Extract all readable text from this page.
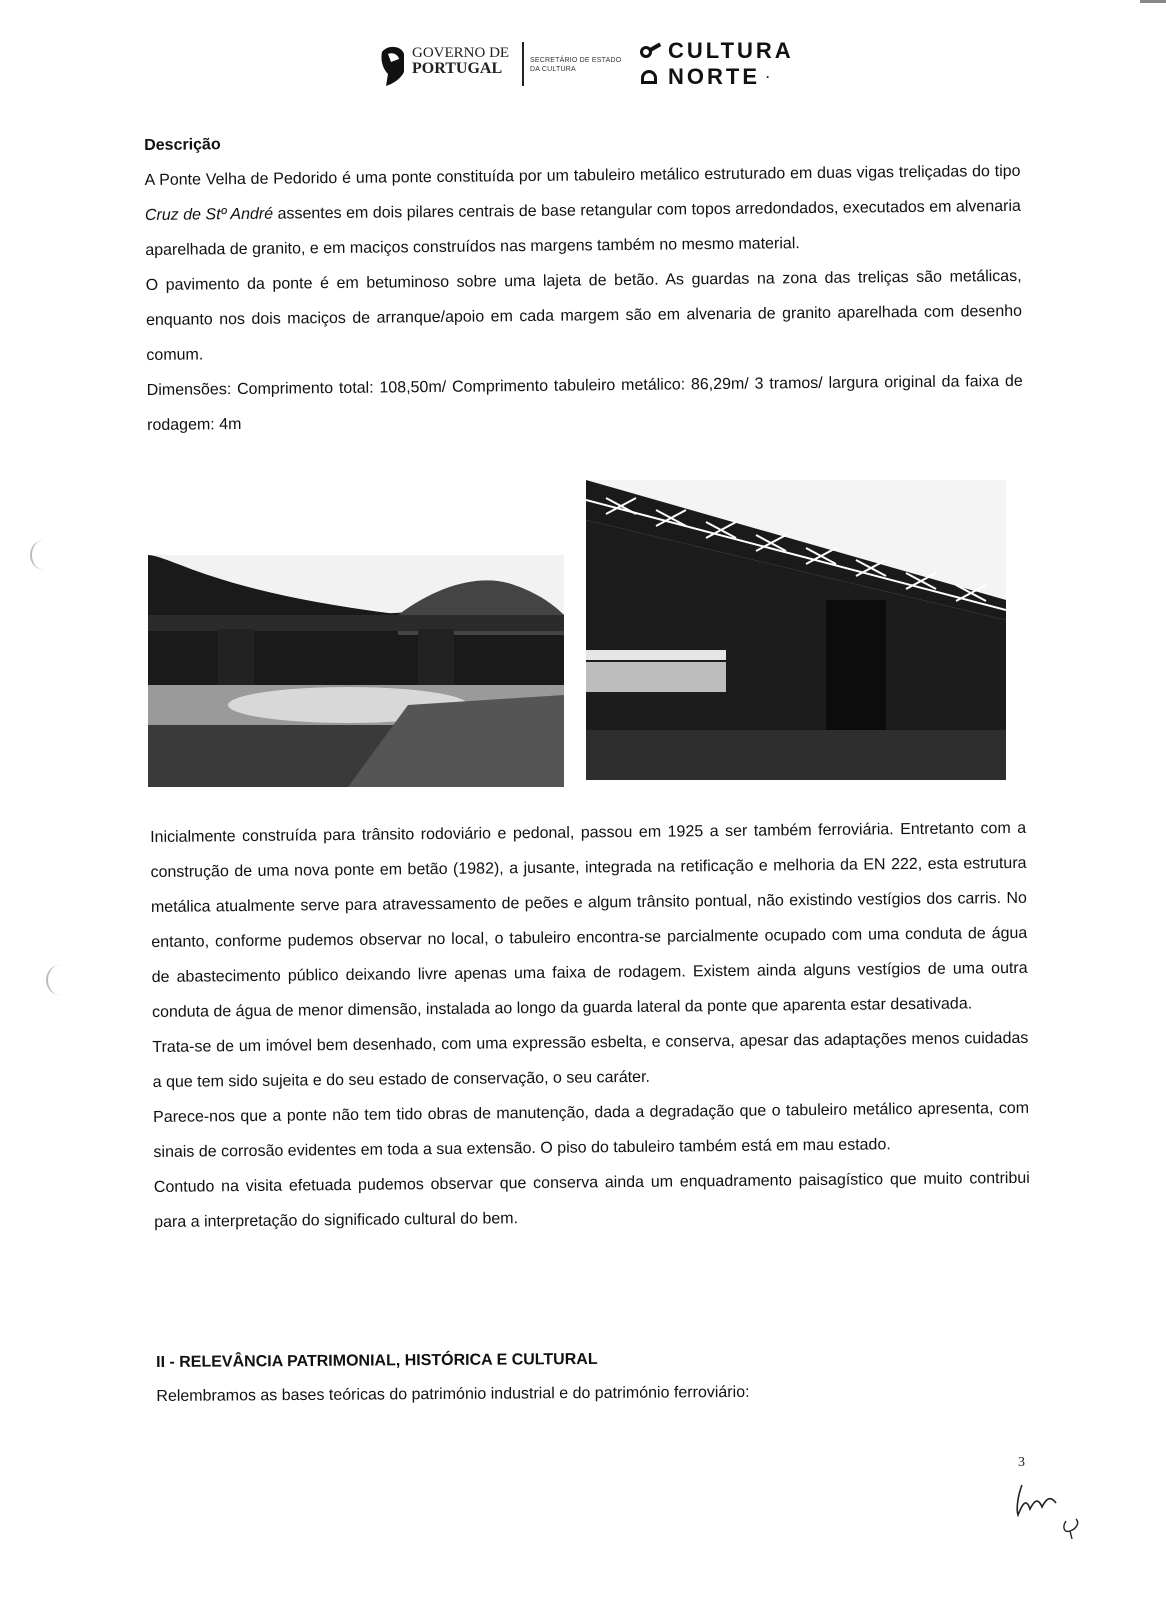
GOVERNO DE
PORTUGAL	SECRETÁRIO DE ESTADO
DA CULTURA
CULTURA
NORTE ·

Descrição

A Ponte Velha de Pedorido é uma ponte constituída por um tabuleiro metálico estruturado em duas vigas treliçadas do tipo Cruz de Stº André assentes em dois pilares centrais de base retangular com topos arredondados, executados em alvenaria aparelhada de granito, e em maciços construídos nas margens também no mesmo material.

O pavimento da ponte é em betuminoso sobre uma lajeta de betão. As guardas na zona das treliças são metálicas, enquanto nos dois maciços de arranque/apoio em cada margem são em alvenaria de granito aparelhada com desenho comum.

Dimensões: Comprimento total: 108,50m/ Comprimento tabuleiro metálico: 86,29m/ 3 tramos/ largura original da faixa de rodagem: 4m

Inicialmente construída para trânsito rodoviário e pedonal, passou em 1925 a ser também ferroviária. Entretanto com a construção de uma nova ponte em betão (1982), a jusante, integrada na retificação e melhoria da EN 222, esta estrutura metálica atualmente serve para atravessamento de peões e algum trânsito pontual, não existindo vestígios dos carris. No entanto, conforme pudemos observar no local, o tabuleiro encontra-se parcialmente ocupado com uma conduta de água de abastecimento público deixando livre apenas uma faixa de rodagem. Existem ainda alguns vestígios de uma outra conduta de água de menor dimensão, instalada ao longo da guarda lateral da ponte que aparenta estar desativada.

Trata-se de um imóvel bem desenhado, com uma expressão esbelta, e conserva, apesar das adaptações menos cuidadas a que tem sido sujeita e do seu estado de conservação, o seu caráter.

Parece-nos que a ponte não tem tido obras de manutenção, dada a degradação que o tabuleiro metálico apresenta, com sinais de corrosão evidentes em toda a sua extensão. O piso do tabuleiro também está em mau estado.

Contudo na visita efetuada pudemos observar que conserva ainda um enquadramento paisagístico que muito contribui para a interpretação do significado cultural do bem.

II - RELEVÂNCIA PATRIMONIAL, HISTÓRICA E CULTURAL

Relembramos as bases teóricas do património industrial e do património ferroviário:

3
